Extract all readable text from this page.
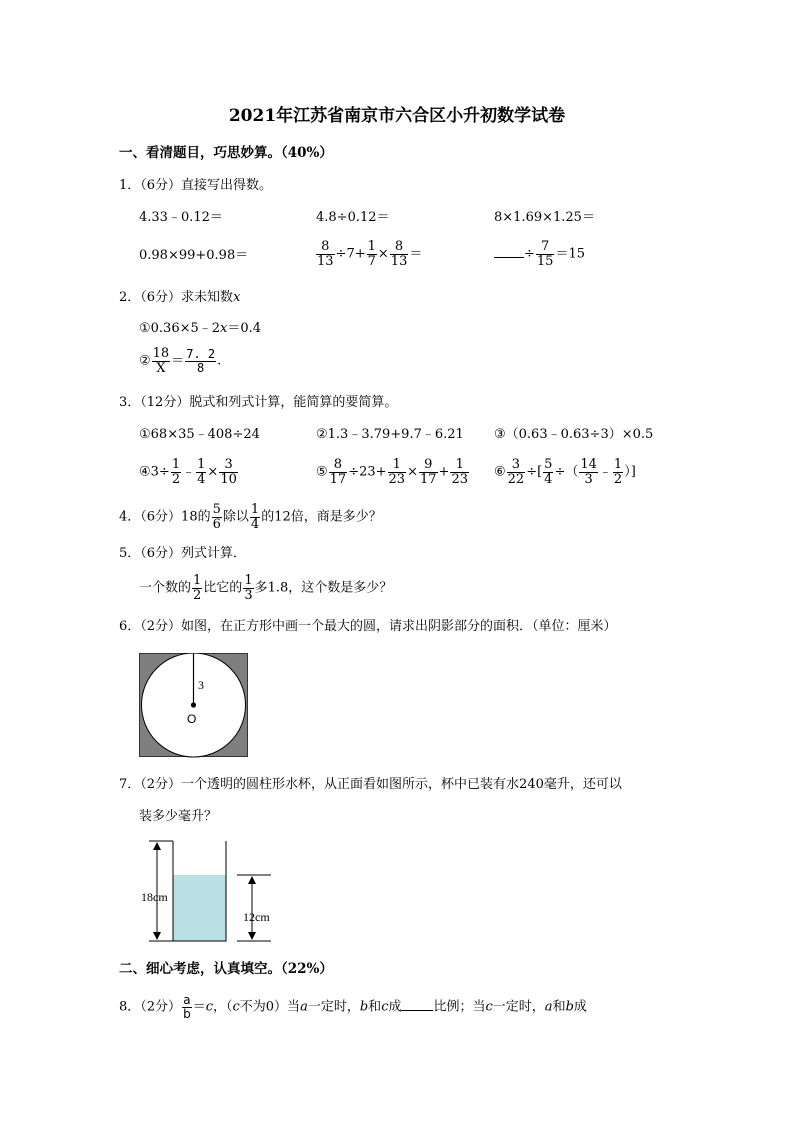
2021年江苏省南京市六合区小升初数学试卷
一、看清题目，巧思妙算。（40%）
1．（6分）直接写出得数。
4.33﹣0.12＝	4.8÷0.12＝	8×1.69×1.25＝
0.98×99+0.98＝	$\frac{8}{13} \div 7+ \frac{1}{7} \times \frac{8}{13}$ ＝	÷ $\frac{7}{15} =15$
2．（6分）求未知数x
①0.36×5﹣2x＝0.4
② $\frac{18}{X} = \frac{7. 2}{8}$ .
3．（12分）脱式和列式计算，能简算的要简算。
①68×35﹣408÷24	②1.3﹣3.79+9.7﹣6.21 ③（0.63﹣0.63÷3）×0.5
④3÷ $\frac{1}{2}$ ﹣ $\frac{1}{4} \times \frac{3}{10}$	⑤ $\frac{8}{17} \div 23+ \frac{1}{23} \times \frac{9}{17} + \frac{1}{23}$ ⑥ $\frac{3}{22}$ ÷[ $\frac{5}{4}$ ÷（ $\frac{14}{3}$ ﹣ $\frac{1}{2}$ ）]
4．（6分）18的 $\frac{5}{6}$ 除以 $\frac{1}{4}$ 的12倍，商是多少？
5．（6分）列式计算．
一个数的 $\frac{1}{2}$ 比它的 $\frac{1}{3}$ 多1.8，这个数是多少？
6．（2分）如图，在正方形中画一个最大的圆，请求出阴影部分的面积．（单位：厘米）
3
O
7．（2分）一个透明的圆柱形水杯，从正面看如图所示，杯中已装有水240毫升，还可以
装多少毫升？
18cm
12cm
二、细心考虑，认真填空。（22%）
8．（2分） $\frac{a}{b} =c$，（c不为0）当a一定时，b和c成 比例；当c一定时，a和b成
